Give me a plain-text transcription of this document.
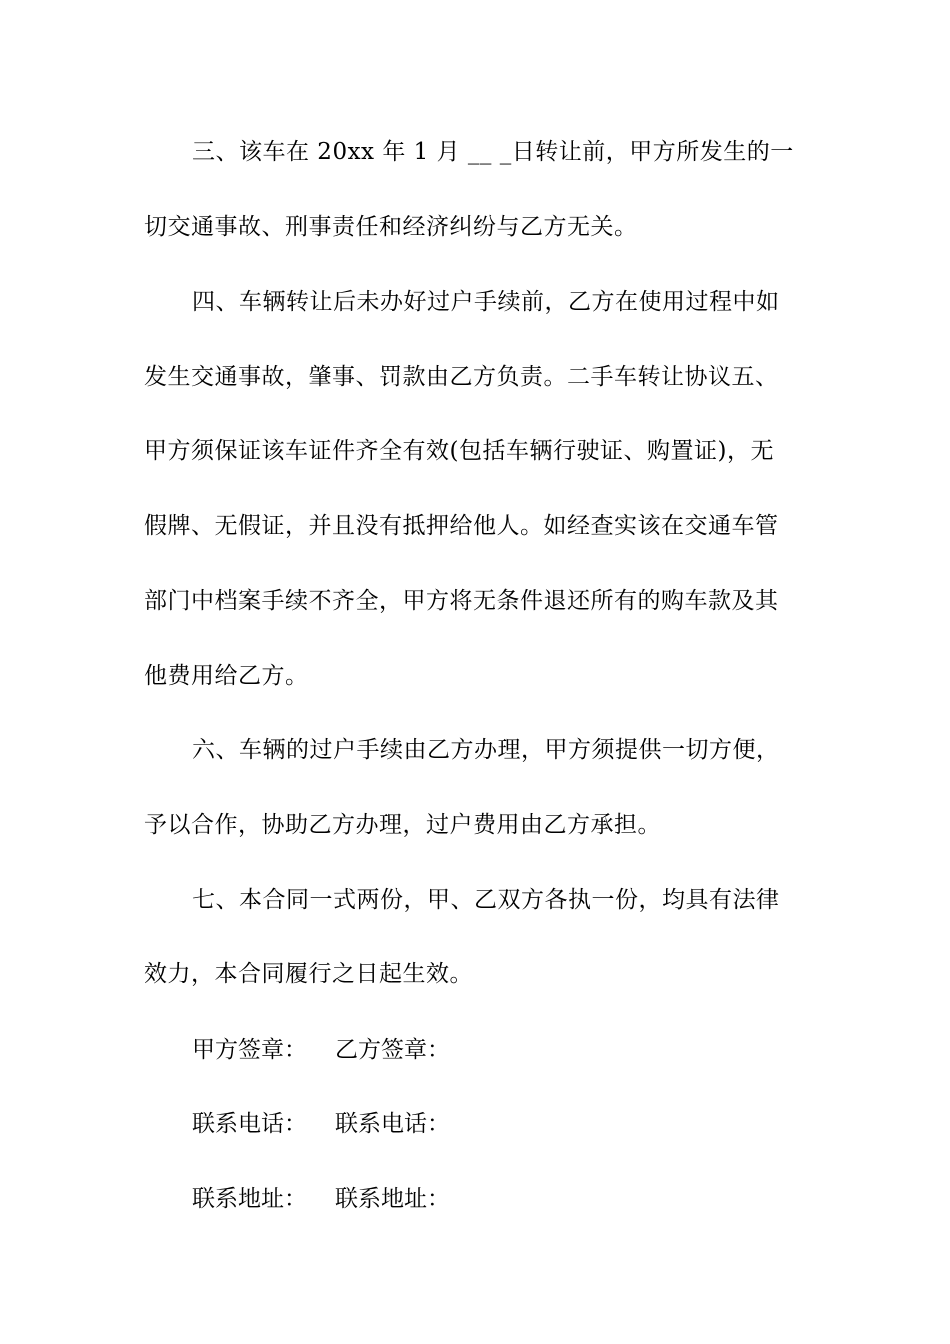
三、该车在 20xx 年 1 月 __ _日转让前，甲方所发生的一
切交通事故、刑事责任和经济纠纷与乙方无关。
四、车辆转让后未办好过户手续前，乙方在使用过程中如
发生交通事故，肇事、罚款由乙方负责。二手车转让协议五、
甲方须保证该车证件齐全有效(包括车辆行驶证、购置证)，无
假牌、无假证，并且没有抵押给他人。如经查实该在交通车管
部门中档案手续不齐全，甲方将无条件退还所有的购车款及其
他费用给乙方。
六、车辆的过户手续由乙方办理，甲方须提供一切方便，
予以合作，协助乙方办理，过户费用由乙方承担。
七、本合同一式两份，甲、乙双方各执一份，均具有法律
效力，本合同履行之日起生效。
甲方签章： 乙方签章：
联系电话： 联系电话：
联系地址： 联系地址：
